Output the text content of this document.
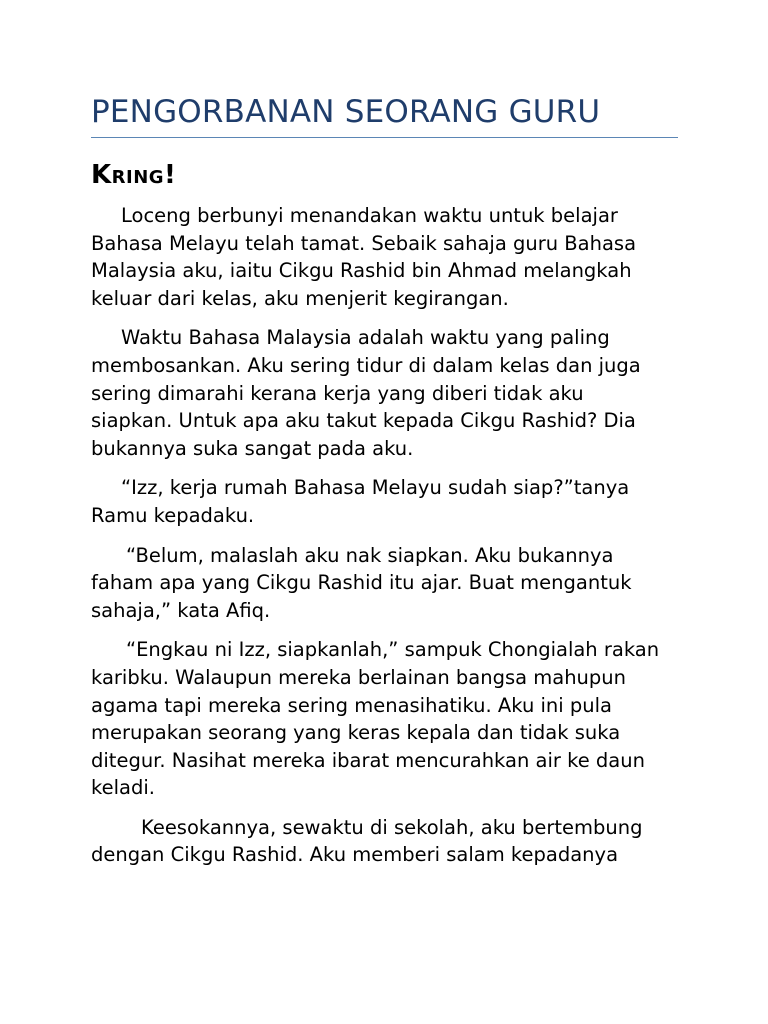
PENGORBANAN SEORANG GURU
Kring!

Loceng berbunyi menandakan waktu untuk belajar
Bahasa Melayu telah tamat. Sebaik sahaja guru Bahasa
Malaysia aku, iaitu Cikgu Rashid bin Ahmad melangkah
keluar dari kelas, aku menjerit kegirangan.

Waktu Bahasa Malaysia adalah waktu yang paling
membosankan. Aku sering tidur di dalam kelas dan juga
sering dimarahi kerana kerja yang diberi tidak aku
siapkan. Untuk apa aku takut kepada Cikgu Rashid? Dia
bukannya suka sangat pada aku.

“Izz, kerja rumah Bahasa Melayu sudah siap?”tanya
Ramu kepadaku.

“Belum, malaslah aku nak siapkan. Aku bukannya
faham apa yang Cikgu Rashid itu ajar. Buat mengantuk
sahaja,” kata Afiq.

“Engkau ni Izz, siapkanlah,” sampuk Chongialah rakan
karibku. Walaupun mereka berlainan bangsa mahupun
agama tapi mereka sering menasihatiku. Aku ini pula
merupakan seorang yang keras kepala dan tidak suka
ditegur. Nasihat mereka ibarat mencurahkan air ke daun
keladi.

Keesokannya, sewaktu di sekolah, aku bertembung
dengan Cikgu Rashid. Aku memberi salam kepadanya
